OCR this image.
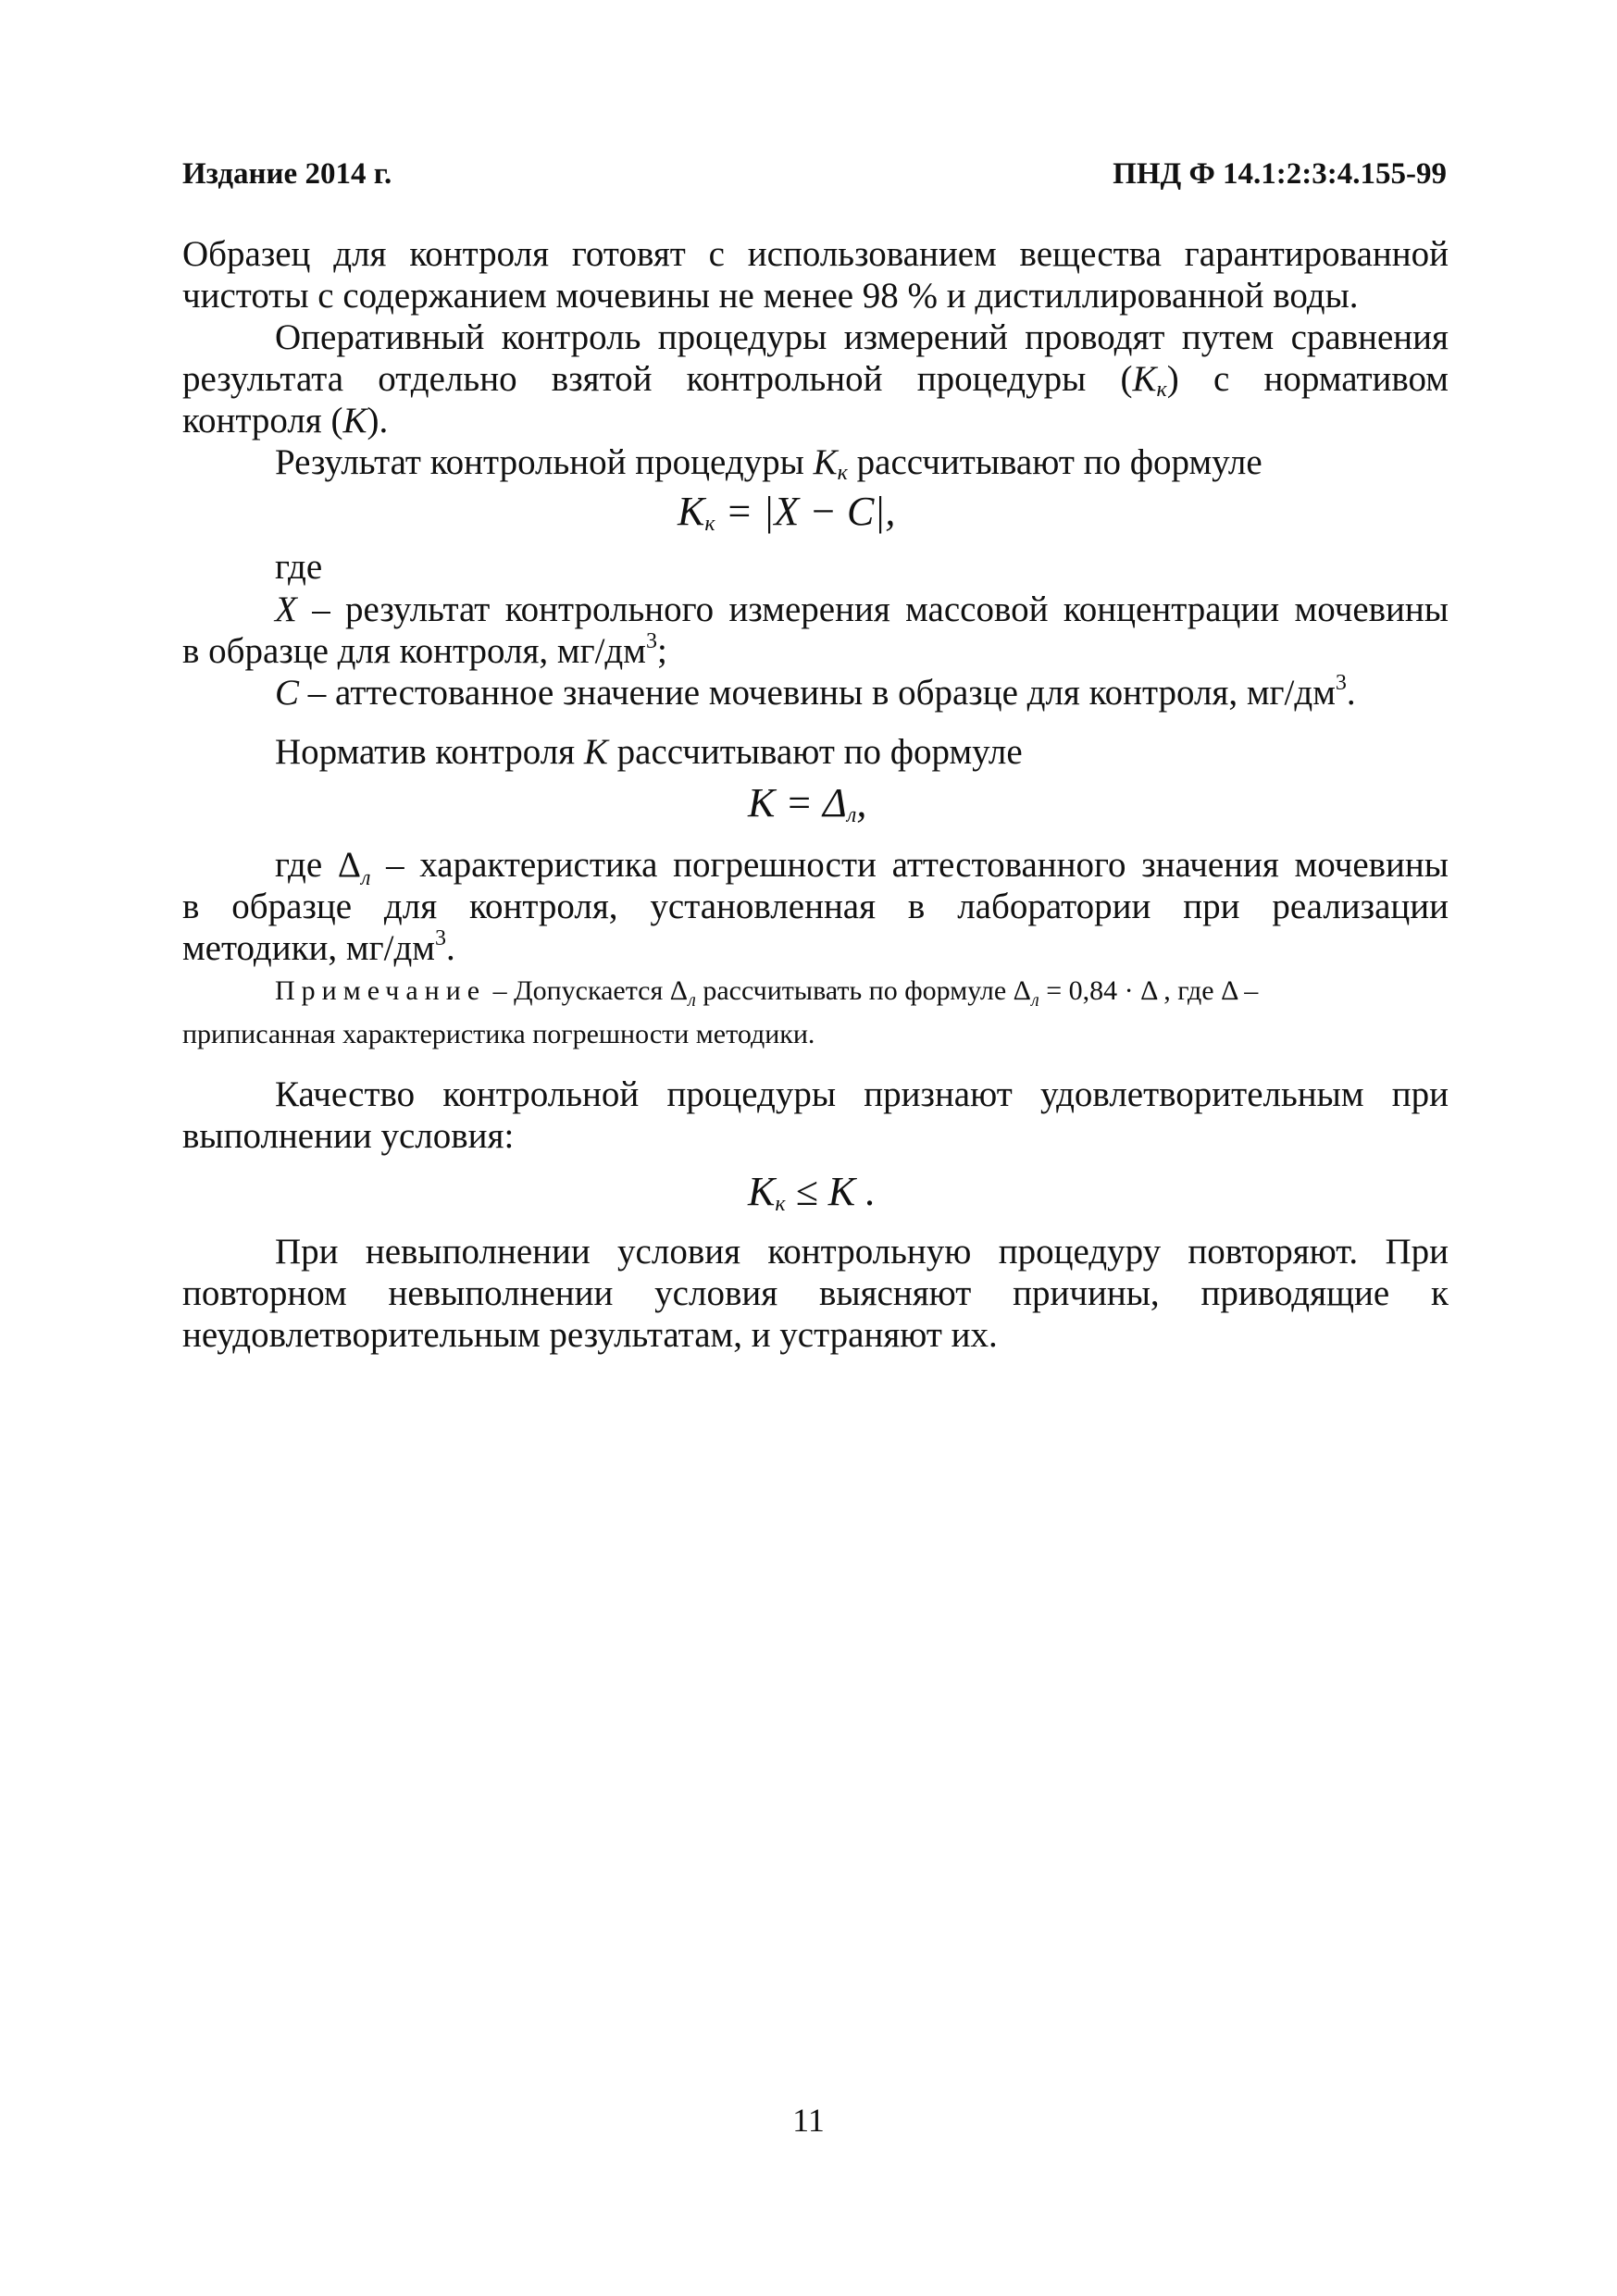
Издание 2014 г.	ПНД Ф 14.1:2:3:4.155-99
Образец для контроля готовят с использованием вещества гарантированной
чистоты с содержанием мочевины не менее 98 % и дистиллированной воды.
Оперативный контроль процедуры измерений проводят путем сравнения
результата отдельно взятой контрольной процедуры $(K_к)$ с нормативом
контроля (K).
Результат контрольной процедуры $K_к$ рассчитывают по формуле
$K_к = |X - C|$,
где
X – результат контрольного измерения массовой концентрации мочевины
в образце для контроля, $мг/дм^3$;
C – аттестованное значение мочевины в образце для контроля, $мг/дм^3$.
Норматив контроля K рассчитывают по формуле
$K = \Delta_л$,
где $\Delta_л$ – характеристика погрешности аттестованного значения мочевины
в образце для контроля, установленная в лаборатории при реализации
методики, $мг/дм^3$.
Примечание – Допускается $\Delta_л$ рассчитывать по формуле $\Delta_л = 0,84 \cdot \Delta$ , где Δ –
приписанная характеристика погрешности методики.
Качество контрольной процедуры признают удовлетворительным при
выполнении условия:
$K_к \le K$ .
При невыполнении условия контрольную процедуру повторяют. При
повторном невыполнении условия выясняют причины, приводящие к
неудовлетворительным результатам, и устраняют их.
11
